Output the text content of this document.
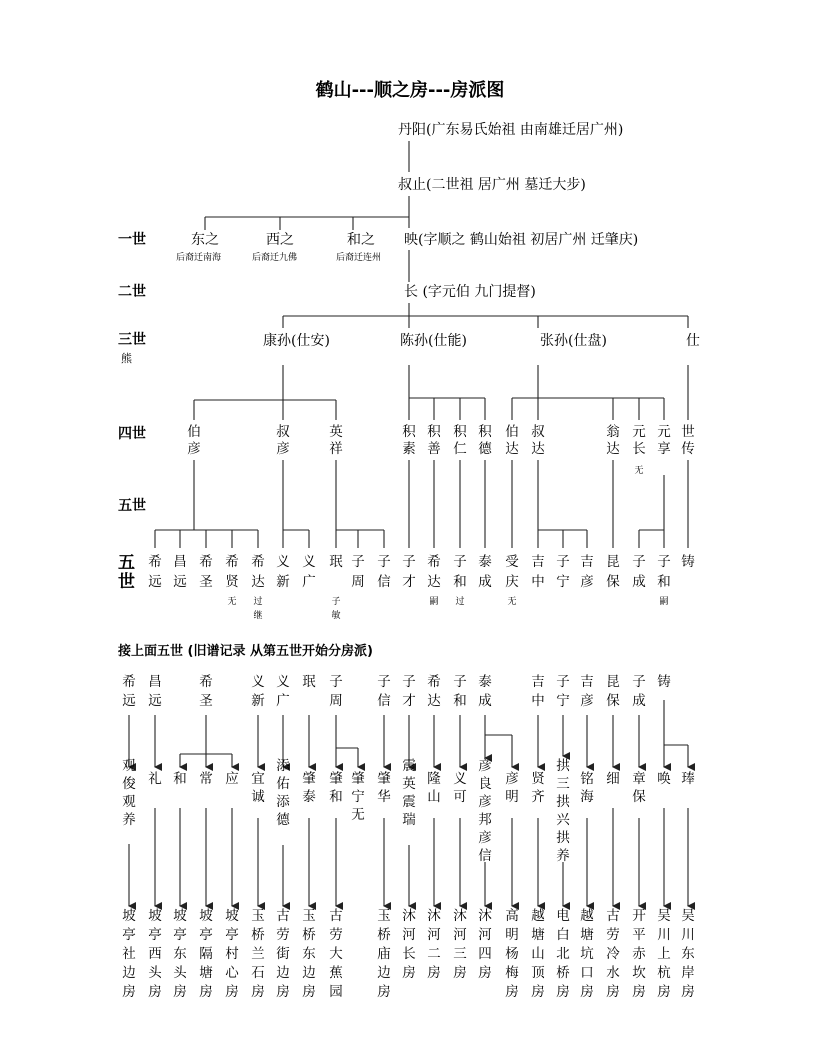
鹤山---顺之房---房派图
丹阳(广东易氏始祖 由南雄迁居广州)
叔止(二世祖 居广州 墓迁大步)
一世
二世
三世
熊
四世
五世
五
世
东之
后裔迁南海
西之
后裔迁九佛
和之
后裔迁连州
映(字顺之 鹤山始祖 初居广州 迁肇庆)
长 (字元伯 九门提督)
康孙(仕安)	陈孙(仕能)	张孙(仕盘)	仕
伯彦
叔彦
英祥
积素
积善
积仁
积德
伯达
叔达
翁达
元长
无
元享
世传
希远
昌远
希圣
希贤
无
希达
过继
义新
义广
珉
子敏
子周
子信
子才
希达
嗣
子和
过
泰成
受庆
无
吉中
子宁
吉彦
昆保
子成
子和
嗣
铸
接上面五世 (旧谱记录 从第五世开始分房派)
希远
昌远
希圣
义新
义广
珉 子周
子信
子才
希达
子和
泰成
吉中
子宁
吉彦
昆保
子成
铸
观俊观养
礼 和 常 应 宜诚
添佑添德
肇泰
肇和
肇宁无
肇华
震英震瑞
隆山
义可
彦良彦邦彦信
彦明
贤齐
拱三拱兴拱养
铭海
细 章保
唤 琫
坡亭社边房
坡亭西头房
坡亭东头房
坡亭隔塘房
坡亭村心房
玉桥兰石房
古劳街边房
玉桥东边房
古劳大蕉园
玉桥庙边房
沐河长房
沐河二房
沐河三房
沐河四房
高明杨梅房
越塘山顶房
电白北桥房
越塘坑口房
古劳冷水房
开平赤坎房
吴川上杭房
吴川东岸房
